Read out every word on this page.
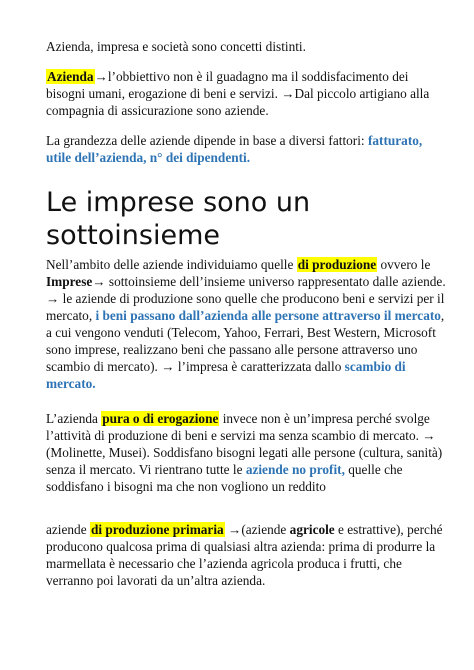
Azienda, impresa e società sono concetti distinti.

Azienda→l’obbiettivo non è il guadagno ma il soddisfacimento dei bisogni umani, erogazione di beni e servizi. →Dal piccolo artigiano alla compagnia di assicurazione sono aziende.

La grandezza delle aziende dipende in base a diversi fattori: fatturato, utile dell’azienda, n° dei dipendenti.

Le imprese sono un sottoinsieme

Nell’ambito delle aziende individuiamo quelle di produzione ovvero le Imprese→ sottoinsieme dell’insieme universo rappresentato dalle aziende. → le aziende di produzione sono quelle che producono beni e servizi per il mercato, i beni passano dall’azienda alle persone attraverso il mercato, a cui vengono venduti (Telecom, Yahoo, Ferrari, Best Western, Microsoft sono imprese, realizzano beni che passano alle persone attraverso uno scambio di mercato). → l’impresa è caratterizzata dallo scambio di mercato.

L’azienda pura o di erogazione invece non è un’impresa perché svolge l’attività di produzione di beni e servizi ma senza scambio di mercato. → (Molinette, Musei). Soddisfano bisogni legati alle persone (cultura, sanità) senza il mercato. Vi rientrano tutte le aziende no profit, quelle che soddisfano i bisogni ma che non vogliono un reddito

aziende di produzione primaria →(aziende agricole e estrattive), perché producono qualcosa prima di qualsiasi altra azienda: prima di produrre la marmellata è necessario che l’azienda agricola produca i frutti, che verranno poi lavorati da un’altra azienda.
